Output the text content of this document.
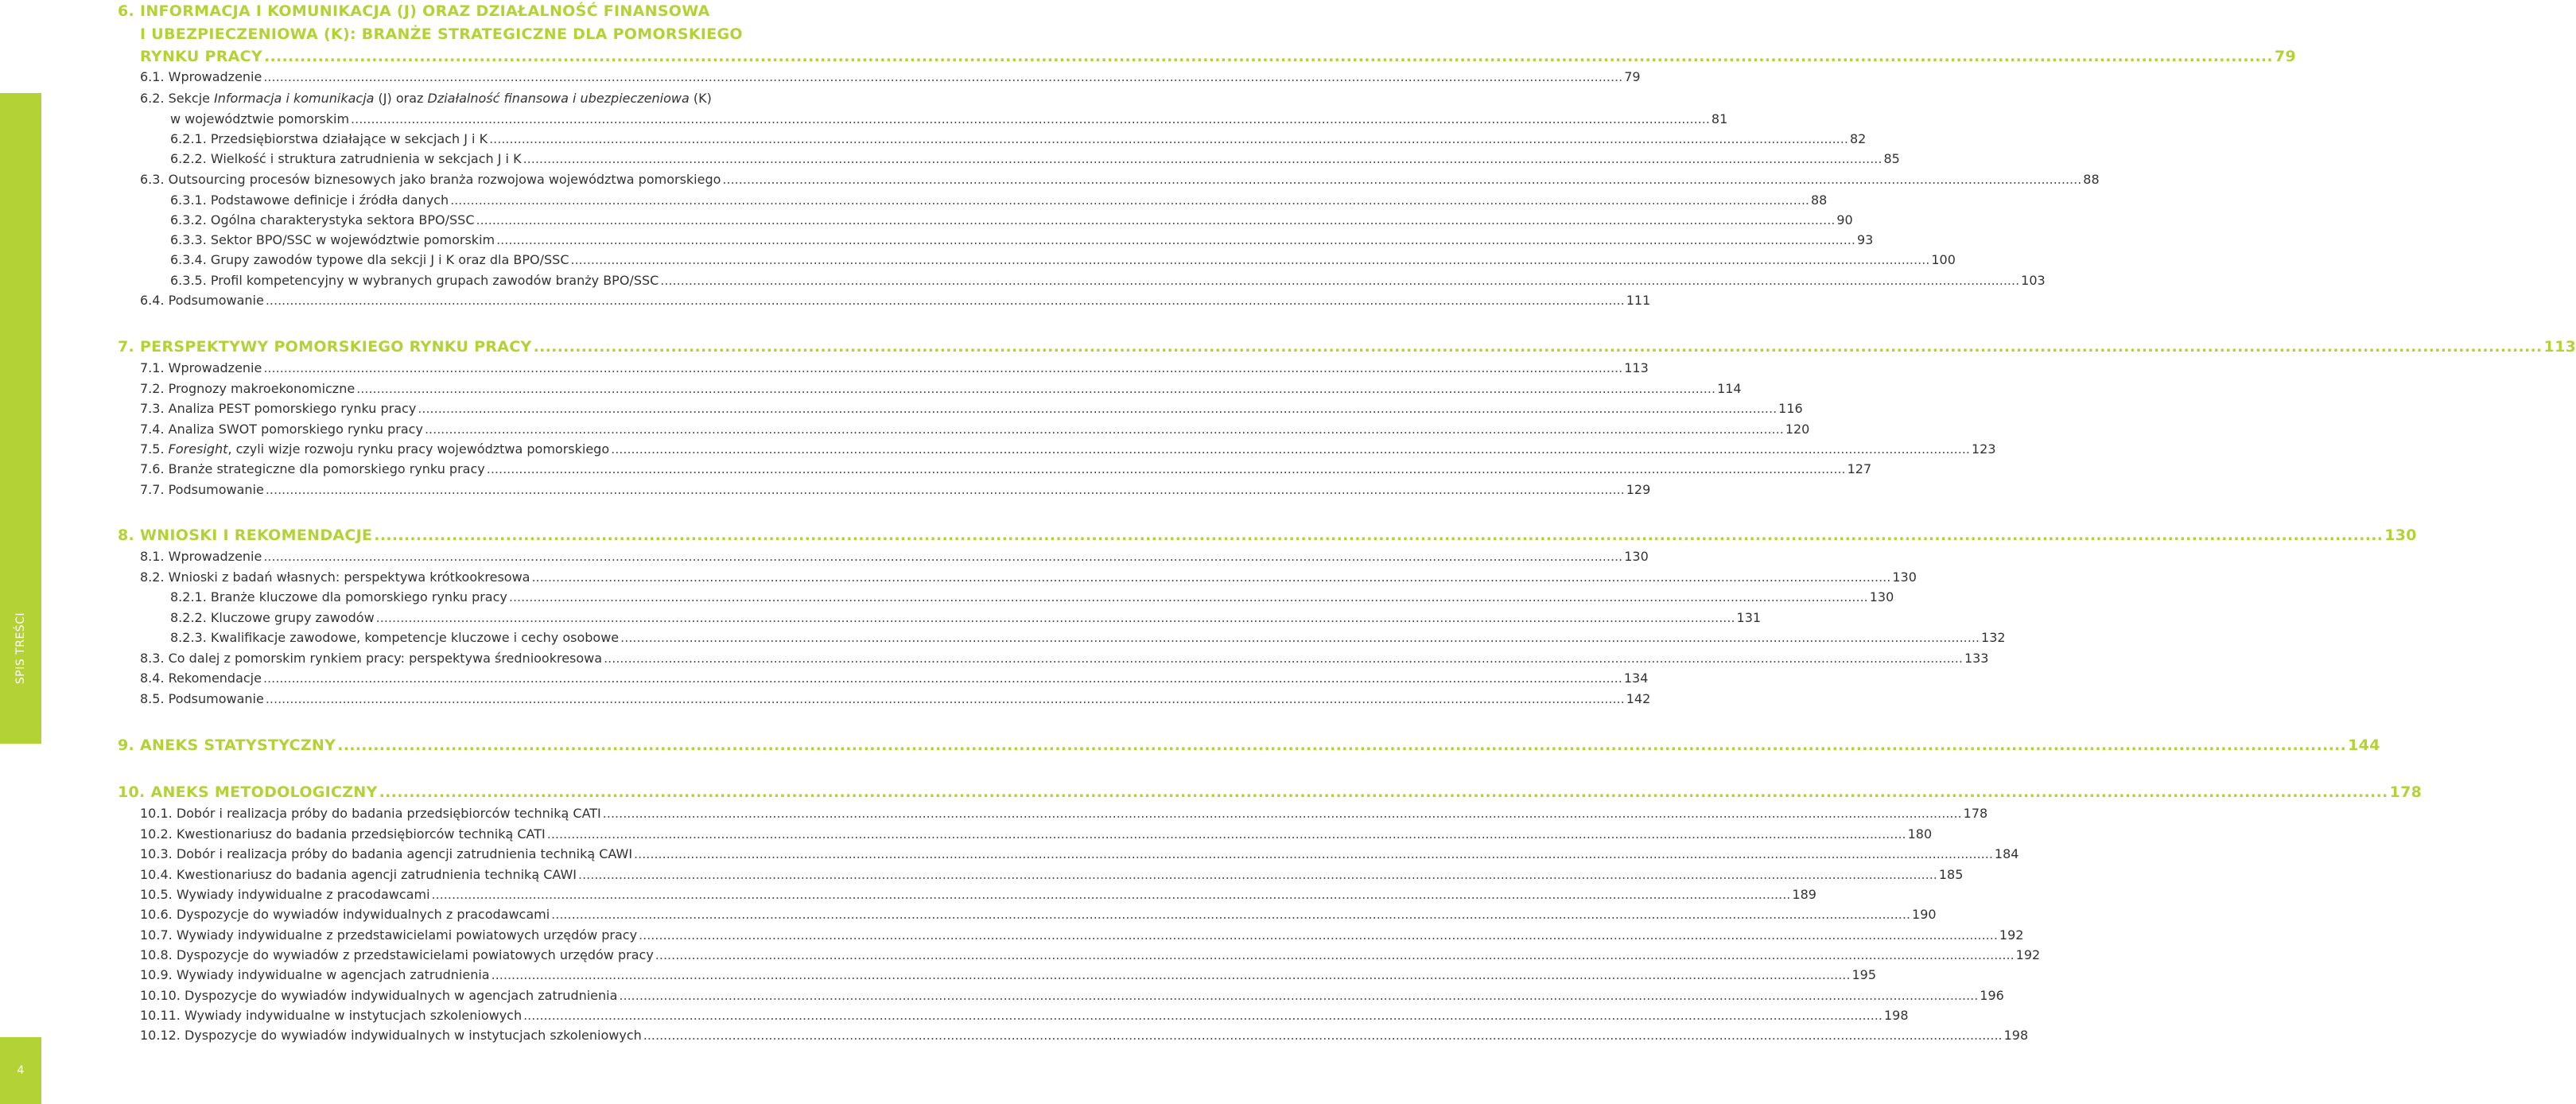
SPIS TREŚCI
4
6. INFORMACJA I KOMUNIKACJA (J) ORAZ DZIAŁALNOŚĆ FINANSOWA
I UBEZPIECZENIOWA (K): BRANŻE STRATEGICZNE DLA POMORSKIEGO
RYNKU PRACY .....	79
6.1. Wprowadzenie .....	79
6.2. Sekcje Informacja i komunikacja (J) oraz Działalność finansowa i ubezpieczeniowa (K)
w województwie pomorskim .....	81
6.2.1. Przedsiębiorstwa działające w sekcjach J i K .....	82
6.2.2. Wielkość i struktura zatrudnienia w sekcjach J i K .....	85
6.3. Outsourcing procesów biznesowych jako branża rozwojowa województwa pomorskiego .....	88
6.3.1. Podstawowe definicje i źródła danych .....	88
6.3.2. Ogólna charakterystyka sektora BPO/SSC .....	90
6.3.3. Sektor BPO/SSC w województwie pomorskim .....	93
6.3.4. Grupy zawodów typowe dla sekcji J i K oraz dla BPO/SSC .....	100
6.3.5. Profil kompetencyjny w wybranych grupach zawodów branży BPO/SSC .....	103
6.4. Podsumowanie .....	111
7. PERSPEKTYWY POMORSKIEGO RYNKU PRACY .....	113
7.1. Wprowadzenie .....	113
7.2. Prognozy makroekonomiczne .....	114
7.3. Analiza PEST pomorskiego rynku pracy .....	116
7.4. Analiza SWOT pomorskiego rynku pracy .....	120
7.5. Foresight, czyli wizje rozwoju rynku pracy województwa pomorskiego .....	123
7.6. Branże strategiczne dla pomorskiego rynku pracy .....	127
7.7. Podsumowanie .....	129
8. WNIOSKI I REKOMENDACJE .....	130
8.1. Wprowadzenie .....	130
8.2. Wnioski z badań własnych: perspektywa krótkookresowa .....	130
8.2.1. Branże kluczowe dla pomorskiego rynku pracy .....	130
8.2.2. Kluczowe grupy zawodów .....	131
8.2.3. Kwalifikacje zawodowe, kompetencje kluczowe i cechy osobowe .....	132
8.3. Co dalej z pomorskim rynkiem pracy: perspektywa średniookresowa .....	133
8.4. Rekomendacje .....	134
8.5. Podsumowanie .....	142
9. ANEKS STATYSTYCZNY .....	144
10. ANEKS METODOLOGICZNY .....	178
10.1. Dobór i realizacja próby do badania przedsiębiorców techniką CATI .....	178
10.2. Kwestionariusz do badania przedsiębiorców techniką CATI .....	180
10.3. Dobór i realizacja próby do badania agencji zatrudnienia techniką CAWI .....	184
10.4. Kwestionariusz do badania agencji zatrudnienia techniką CAWI .....	185
10.5. Wywiady indywidualne z pracodawcami .....	189
10.6. Dyspozycje do wywiadów indywidualnych z pracodawcami .....	190
10.7. Wywiady indywidualne z przedstawicielami powiatowych urzędów pracy .....	192
10.8. Dyspozycje do wywiadów z przedstawicielami powiatowych urzędów pracy .....	192
10.9. Wywiady indywidualne w agencjach zatrudnienia .....	195
10.10. Dyspozycje do wywiadów indywidualnych w agencjach zatrudnienia .....	196
10.11. Wywiady indywidualne w instytucjach szkoleniowych .....	198
10.12. Dyspozycje do wywiadów indywidualnych w instytucjach szkoleniowych .....	198
